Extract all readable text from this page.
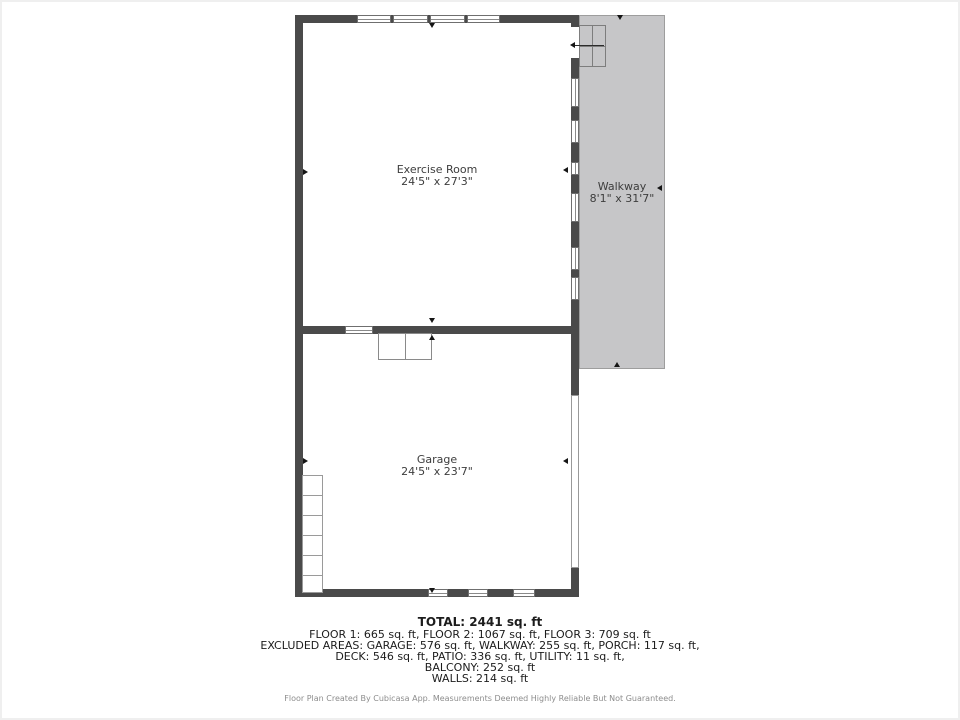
Exercise Room
24'5" x 27'3"
Garage
24'5" x 23'7"
Walkway
8'1" x 31'7"
TOTAL: 2441 sq. ft
FLOOR 1: 665 sq. ft, FLOOR 2: 1067 sq. ft, FLOOR 3: 709 sq. ft
EXCLUDED AREAS: GARAGE: 576 sq. ft, WALKWAY: 255 sq. ft, PORCH: 117 sq. ft,
DECK: 546 sq. ft, PATIO: 336 sq. ft, UTILITY: 11 sq. ft,
BALCONY: 252 sq. ft
WALLS: 214 sq. ft
Floor Plan Created By Cubicasa App. Measurements Deemed Highly Reliable But Not Guaranteed.
